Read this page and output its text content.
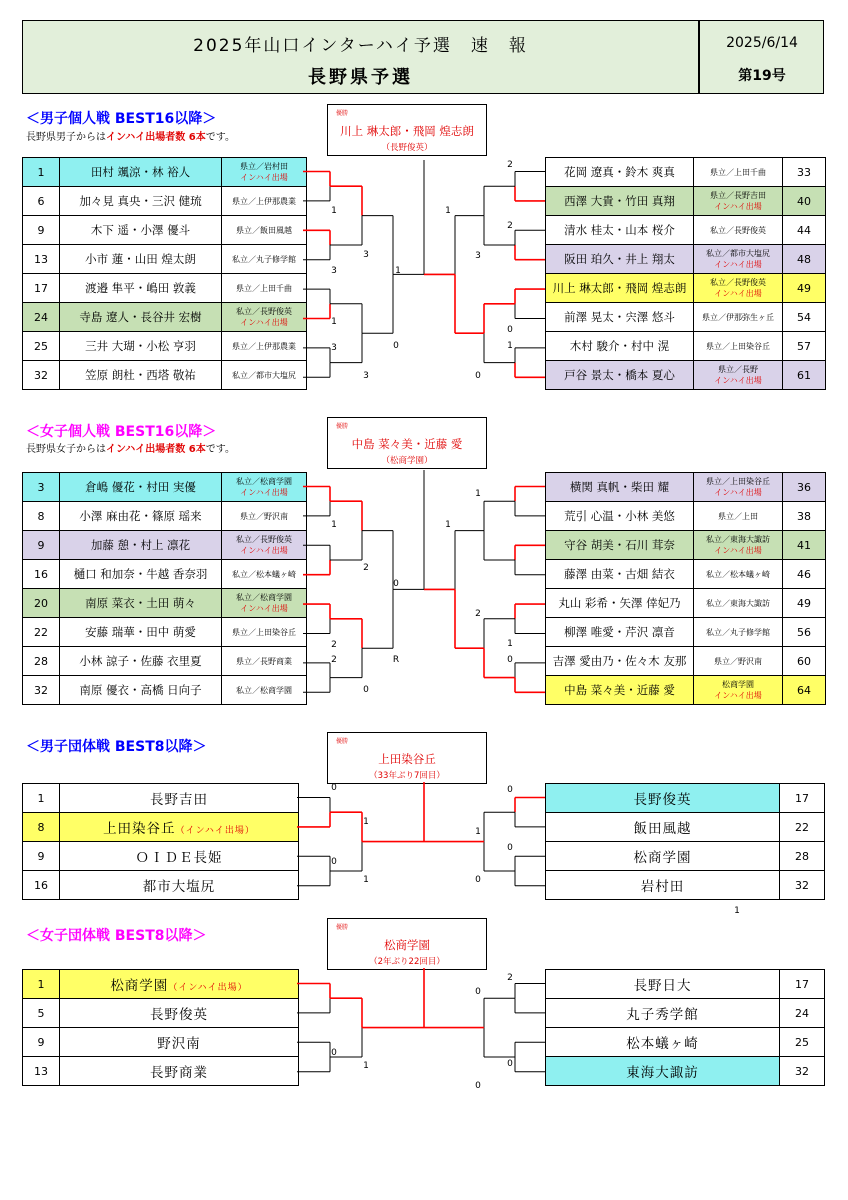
2025年山口インターハイ予選　速　報
長野県予選
2025/6/14
第19号
＜男子個人戦 BEST16以降＞
長野県男子からはインハイ出場者数 6本です。
優勝
川上 琳太郎・飛岡 煌志朗
（長野俊英）
1	田村 颯涼・林 裕人	県立／岩村田
インハイ出場

6	加々見 真央・三沢 健琉	県立／上伊那農業

9	木下 遥・小澤 優斗	県立／飯田風越

13	小市 蓮・山田 煌太朗	私立／丸子修学館

17	渡邉 隼平・嶋田 敦義	県立／上田千曲

24	寺島 遼人・長谷井 宏樹	私立／長野俊英
インハイ出場

25	三井 大瑚・小松 亨羽	県立／上伊那農業

32	笠原 朗杜・西塔 敬祐	私立／都市大塩尻
花岡 遼真・鈴木 爽真	県立／上田千曲	33
西澤 大貴・竹田 真翔	県立／長野吉田
インハイ出場	40
清水 桂太・山本 桜介	私立／長野俊英	44
阪田 珀久・井上 翔太	私立／都市大塩尻
インハイ出場	48
川上 琳太郎・飛岡 煌志朗	私立／長野俊英
インハイ出場	49
前澤 晃太・宍澤 悠斗	県立／伊那弥生ヶ丘	54
木村 駿介・村中 滉	県立／上田染谷丘	57
戸谷 景太・橋本 夏心	県立／長野
インハイ出場	61
＜女子個人戦 BEST16以降＞
長野県女子からはインハイ出場者数 6本です。
優勝
中島 菜々美・近藤 愛
（松商学園）
3	倉嶋 優花・村田 実優	私立／松商学園
インハイ出場

8	小澤 麻由花・篠原 瑶来	県立／野沢南

9	加藤 憩・村上 凛花	私立／長野俊英
インハイ出場

16	樋口 和加奈・牛越 香奈羽	私立／松本蟻ヶ崎

20	南原 菜衣・土田 萌々	私立／松商学園
インハイ出場

22	安藤 瑞華・田中 萌愛	県立／上田染谷丘

28	小林 諒子・佐藤 衣里夏	県立／長野商業

32	南原 優衣・高橋 日向子	私立／松商学園
横関 真帆・柴田 耀	県立／上田染谷丘
インハイ出場	36
荒引 心温・小林 美悠	県立／上田	38
守谷 胡美・石川 茸奈	私立／東海大諏訪
インハイ出場	41
藤澤 由菜・古畑 結衣	私立／松本蟻ヶ崎	46
丸山 彩希・矢澤 倖妃乃	私立／東海大諏訪	49
柳澤 唯愛・芹沢 凛音	私立／丸子修学館	56
吉澤 愛由乃・佐々木 友那	県立／野沢南	60
中島 菜々美・近藤 愛	松商学園
インハイ出場	64
＜男子団体戦 BEST8以降＞	優勝
上田染谷丘
（33年ぶり7回目）
1	長野吉田
8	上田染谷丘（インハイ出場）
9	ＯＩＤＥ長姫
16	都市大塩尻
長野俊英	17
飯田風越	22
松商学園	28
岩村田	32
＜女子団体戦 BEST8以降＞
優勝
松商学園
（2年ぶり22回目）
1	松商学園（インハイ出場）
5	長野俊英
9	野沢南
13	長野商業
長野日大	17
丸子秀学館	24
松本蟻ヶ崎	25
東海大諏訪	32
1
3
3
1
3
0
3
2
1
2
3
1
0
0
1
1
2
2
2
0
1
1
2
1
0
0
R
0
0
1
1
0
0
0
1
1
0
0
1
2
0
0
